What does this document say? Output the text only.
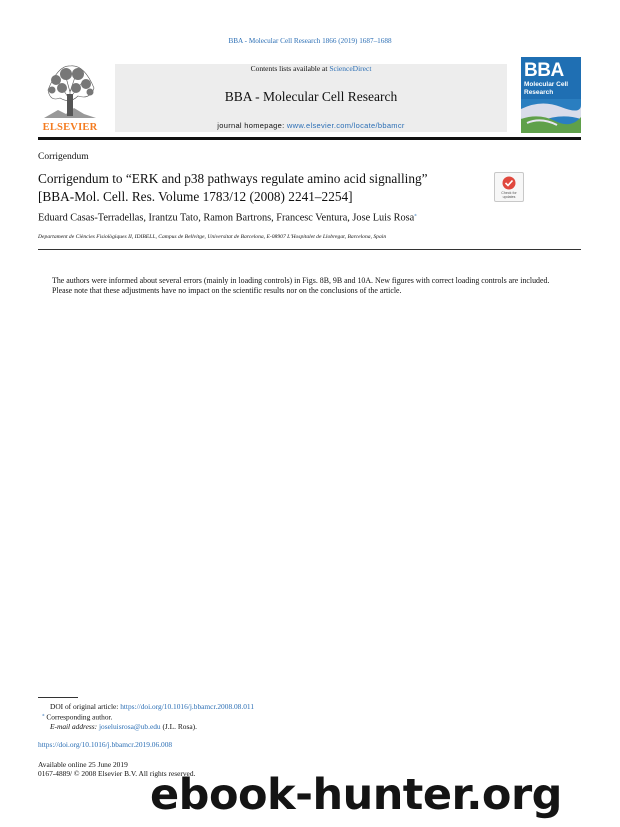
BBA - Molecular Cell Research 1866 (2019) 1687–1688
ELSEVIER
Contents lists available at ScienceDirect
BBA - Molecular Cell Research
journal homepage: www.elsevier.com/locate/bbamcr
BBA
Molecular Cell
Research
Corrigendum
Corrigendum to “ERK and p38 pathways regulate amino acid signalling”
[BBA-Mol. Cell. Res. Volume 1783/12 (2008) 2241–2254]	Check for
updates
Eduard Casas-Terradellas, Irantzu Tato, Ramon Bartrons, Francesc Ventura, Jose Luis Rosa⁎
Departament de Ciències Fisiològiques II, IDIBELL, Campus de Bellvitge, Universitat de Barcelona, E-08907 L'Hospitalet de Llobregat, Barcelona, Spain

The authors were informed about several errors (mainly in loading controls) in Figs. 8B, 9B and 10A. New figures with correct loading controls are included.

Please note that these adjustments have no impact on the scientific results nor on the conclusions of the article.

DOI of original article: https://doi.org/10.1016/j.bbamcr.2008.08.011
⁎ Corresponding author.
E-mail address: joseluisrosa@ub.edu (J.L. Rosa).
https://doi.org/10.1016/j.bbamcr.2019.06.008
Available online 25 June 2019
0167-4889/ © 2008 Elsevier B.V. All rights reserved.
ebook-hunter.org
